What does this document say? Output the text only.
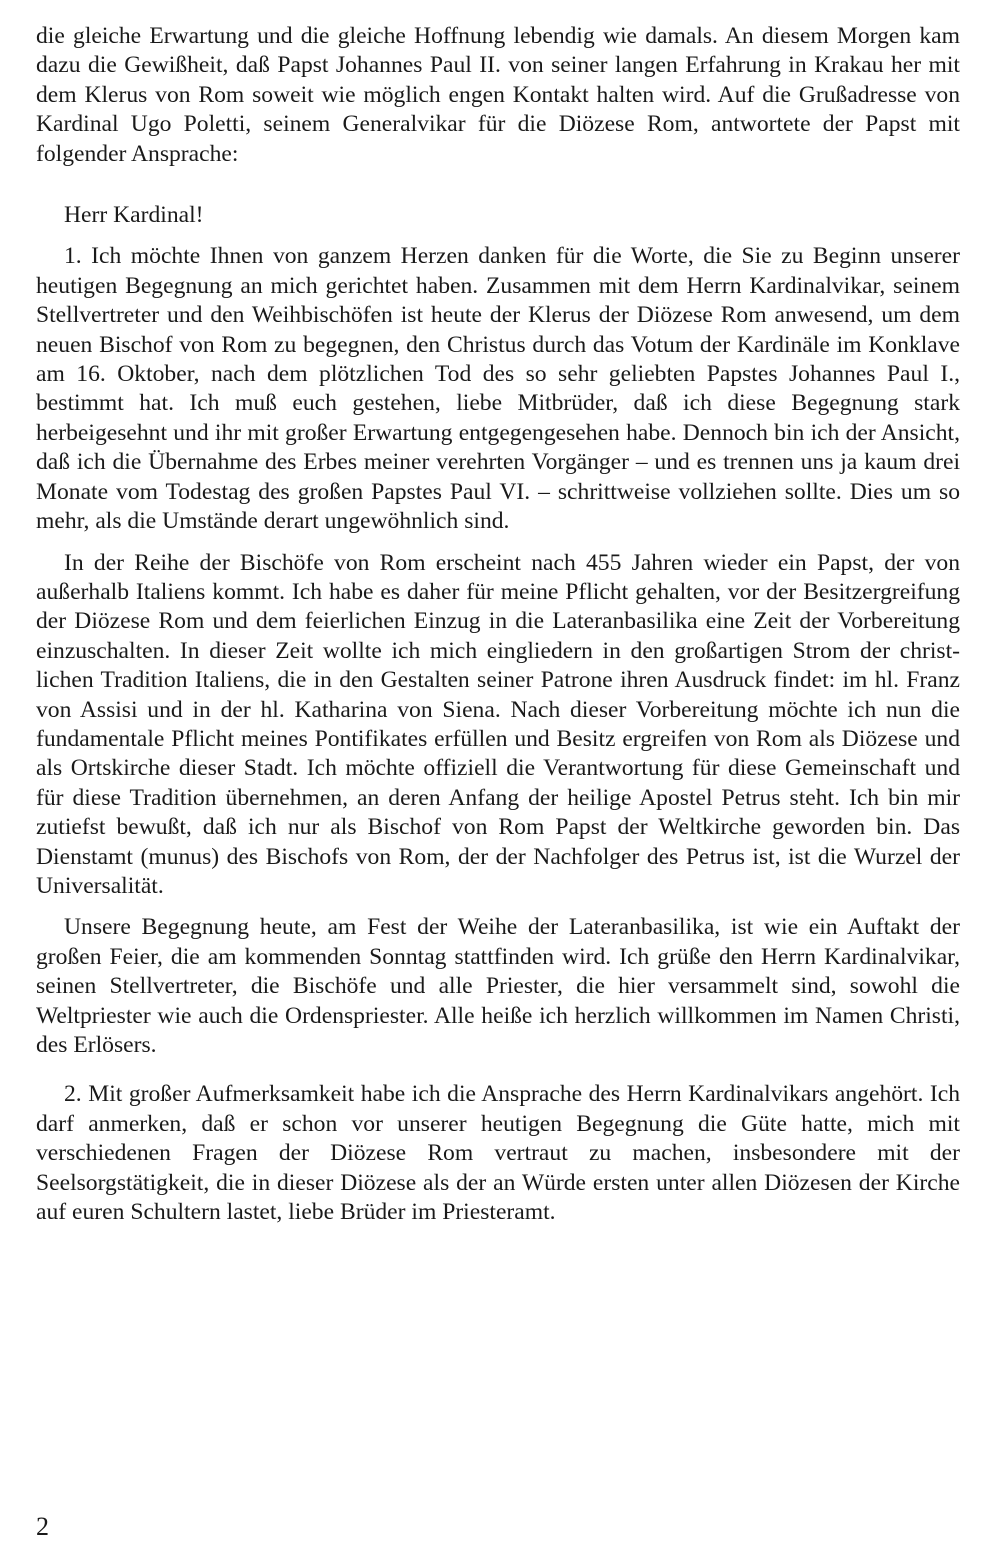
die gleiche Erwartung und die gleiche Hoffnung lebendig wie damals. An diesem Morgen kam dazu die Gewißheit, daß Papst Johannes Paul II. von seiner langen Erfahrung in Krakau her mit dem Klerus von Rom soweit wie möglich engen Kontakt halten wird. Auf die Grußadresse von Kardinal Ugo Poletti, seinem Generalvikar für die Diözese Rom, antwortete der Papst mit folgender Ansprache:

Herr Kardinal!

1. Ich möchte Ihnen von ganzem Herzen danken für die Worte, die Sie zu Beginn unserer heutigen Begegnung an mich gerichtet haben. Zusammen mit dem Herrn Kardinalvikar, seinem Stellvertreter und den Weihbischöfen ist heute der Klerus der Diözese Rom anwesend, um dem neuen Bischof von Rom zu begegnen, den Christus durch das Votum der Kardinäle im Konklave am 16. Oktober, nach dem plötzlichen Tod des so sehr geliebten Papstes Johannes Paul I., bestimmt hat. Ich muß euch gestehen, liebe Mitbrüder, daß ich diese Begegnung stark herbeigesehnt und ihr mit großer Erwartung entgegengesehen habe. Dennoch bin ich der Ansicht, daß ich die Übernahme des Erbes meiner verehrten Vorgänger – und es trennen uns ja kaum drei Monate vom Todestag des großen Papstes Paul VI. – schrittweise vollziehen sollte. Dies um so mehr, als die Umstände derart ungewöhnlich sind.

In der Reihe der Bischöfe von Rom erscheint nach 455 Jahren wieder ein Papst, der von außerhalb Italiens kommt. Ich habe es daher für meine Pflicht gehalten, vor der Besitzergreifung der Diözese Rom und dem feierlichen Einzug in die Lateranbasilika eine Zeit der Vorbereitung einzuschalten. In dieser Zeit wollte ich mich eingliedern in den großartigen Strom der christlichen Tradition Italiens, die in den Gestalten seiner Patrone ihren Ausdruck findet: im hl. Franz von Assisi und in der hl. Katharina von Siena. Nach dieser Vorbereitung möchte ich nun die fundamentale Pflicht meines Pontifikates erfüllen und Besitz ergreifen von Rom als Diözese und als Ortskirche dieser Stadt. Ich möchte offiziell die Verantwortung für diese Gemeinschaft und für diese Tradition übernehmen, an deren Anfang der heilige Apostel Petrus steht. Ich bin mir zutiefst bewußt, daß ich nur als Bischof von Rom Papst der Weltkirche geworden bin. Das Dienstamt (munus) des Bischofs von Rom, der der Nachfolger des Petrus ist, ist die Wurzel der Universalität.

Unsere Begegnung heute, am Fest der Weihe der Lateranbasilika, ist wie ein Auftakt der großen Feier, die am kommenden Sonntag stattfinden wird. Ich grüße den Herrn Kardinalvikar, seinen Stellvertreter, die Bischöfe und alle Priester, die hier versammelt sind, sowohl die Weltpriester wie auch die Ordenspriester. Alle heiße ich herzlich willkommen im Namen Christi, des Erlösers.

2. Mit großer Aufmerksamkeit habe ich die Ansprache des Herrn Kardinalvikars angehört. Ich darf anmerken, daß er schon vor unserer heutigen Begegnung die Güte hatte, mich mit verschiedenen Fragen der Diözese Rom vertraut zu machen, insbesondere mit der Seelsorgstätigkeit, die in dieser Diözese als der an Würde ersten unter allen Diözesen der Kirche auf euren Schultern lastet, liebe Brüder im Priesteramt.

2
